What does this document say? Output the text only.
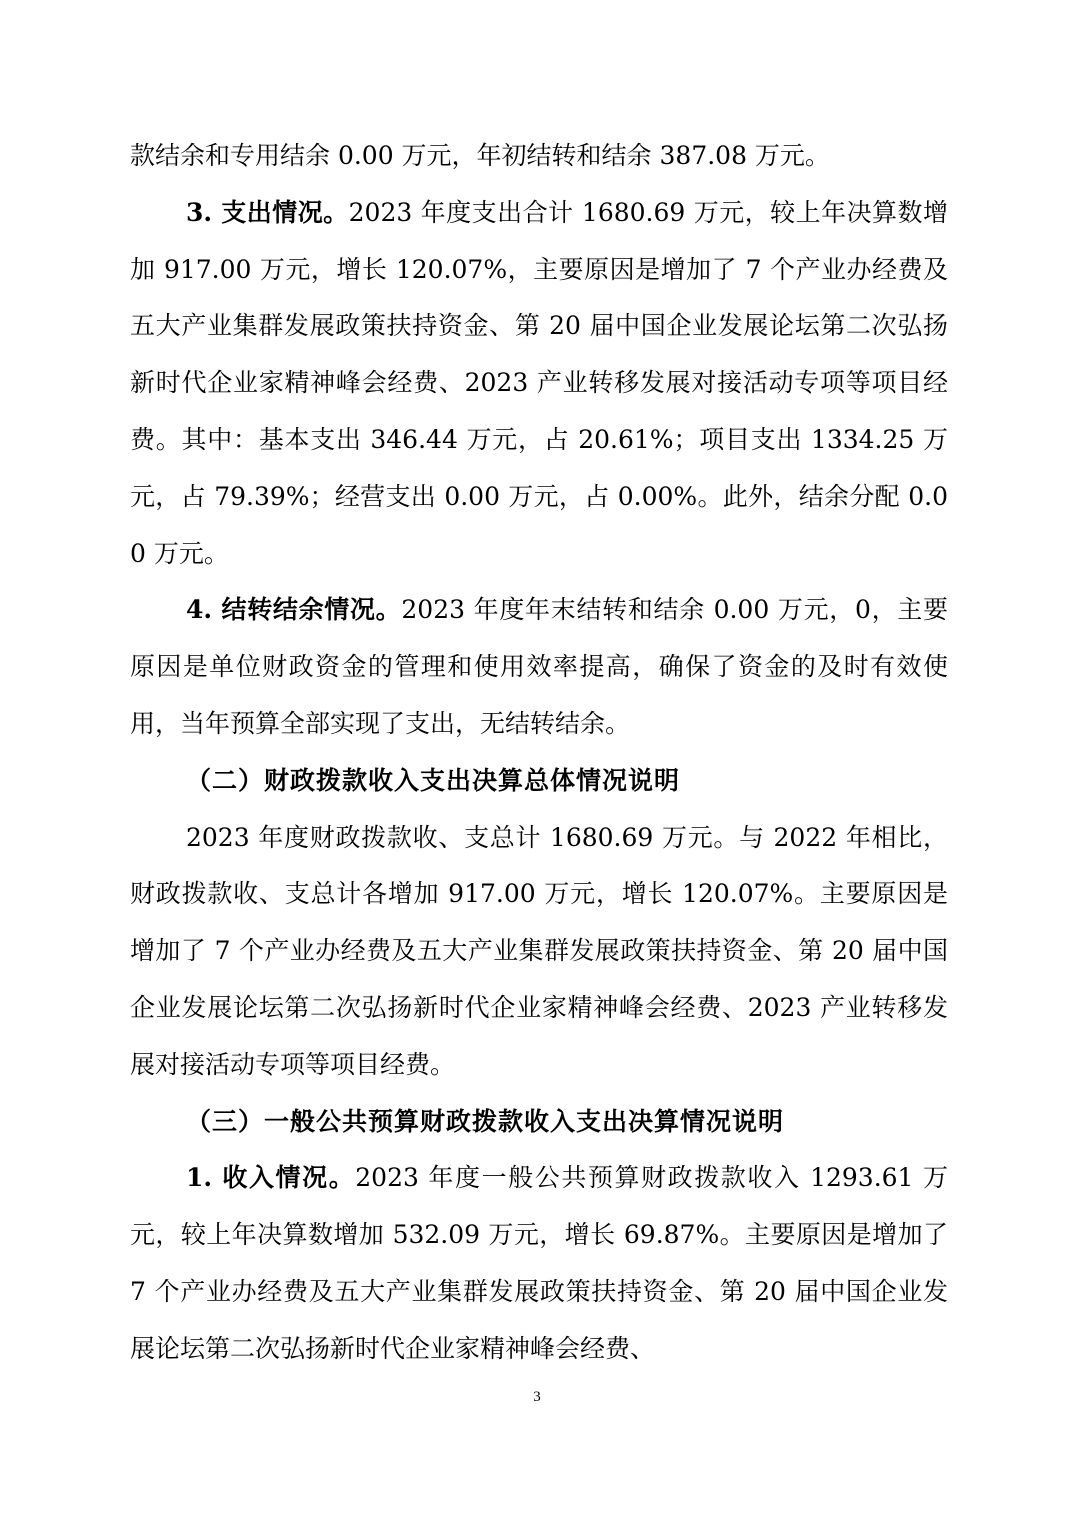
款结余和专用结余 0.00 万元，年初结转和结余 387.08 万元。

3. 支出情况。2023 年度支出合计 1680.69 万元，较上年决算数增加 917.00 万元，增长 120.07%，主要原因是增加了 7 个产业办经费及五大产业集群发展政策扶持资金、第 20 届中国企业发展论坛第二次弘扬新时代企业家精神峰会经费、2023 产业转移发展对接活动专项等项目经费。其中：基本支出 346.44 万元，占 20.61%；项目支出 1334.25 万元，占 79.39%；经营支出 0.00 万元，占 0.00%。此外，结余分配 0.00 万元。

4. 结转结余情况。2023 年度年末结转和结余 0.00 万元，0，主要原因是单位财政资金的管理和使用效率提高，确保了资金的及时有效使用，当年预算全部实现了支出，无结转结余。

（二）财政拨款收入支出决算总体情况说明

2023 年度财政拨款收、支总计 1680.69 万元。与 2022 年相比，财政拨款收、支总计各增加 917.00 万元，增长 120.07%。主要原因是增加了 7 个产业办经费及五大产业集群发展政策扶持资金、第 20 届中国企业发展论坛第二次弘扬新时代企业家精神峰会经费、2023 产业转移发展对接活动专项等项目经费。

（三）一般公共预算财政拨款收入支出决算情况说明

1. 收入情况。2023 年度一般公共预算财政拨款收入 1293.61 万元，较上年决算数增加 532.09 万元，增长 69.87%。主要原因是增加了 7 个产业办经费及五大产业集群发展政策扶持资金、第 20 届中国企业发展论坛第二次弘扬新时代企业家精神峰会经费、

3
